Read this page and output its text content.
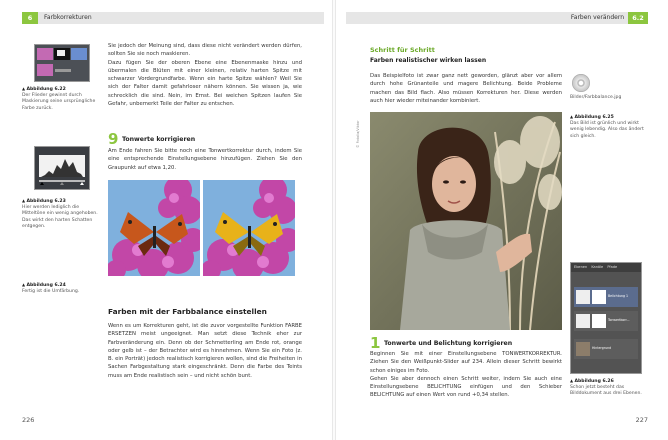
6	Farbkorrekturen
▲ Abbildung 6.22
Der Flieder gewinnt durch Maskierung seine ursprüngliche Farbe zurück.
▲ Abbildung 6.23
Hier werden lediglich die Mitteltöne ein wenig angehoben. Das wirkt den harten Schatten entgegen.
▲ Abbildung 6.24
Fertig ist die Umfärbung.
Sie jedoch der Meinung sind, dass diese nicht verändert werden dürfen, sollten Sie sie noch maskieren.
Dazu fügen Sie der oberen Ebene eine Ebenenmaske hinzu und übermalen die Blüten mit einer kleinen, relativ harten Spitze mit schwarzer Vordergrundfarbe. Wenn ein harte Spitze wählen? Weil Sie sich der Falter damit gefahrloser nähern können. Sie wissen ja, wie schrecklich die sind. Nein, im Ernst. Bei weichen Spitzen laufen Sie Gefahr, unbemerkt Teile der Falter zu entschen.
9 Tonwerte korrigieren
Am Ende fahren Sie bitte noch eine Tonwertkorrektur durch, indem Sie eine entsprechende Einstellungsebene hinzufügen. Ziehen Sie den Graupunkt auf etwa 1,20.
Farben mit der Farbbalance einstellen
Wenn es um Korrekturen geht, ist die zuvor vorgestellte Funktion FARBE ERSETZEN meist ungeeignet. Man setzt diese Technik eher zur Farbveränderung ein. Denn ob der Schmetterling am Ende rot, orange oder gelb ist – der Betrachter wird es hinnehmen. Wenn Sie ein Foto (z. B. ein Porträt) jedoch realistisch korrigieren wollen, sind die Freiheiten in Sachen Farbgestaltung stark eingeschränkt. Denn die Farbe des Teints muss am Ende realistisch sein – und nicht schön bunt.
226
Farben verändern	6.2
Schritt für Schritt
Farben realistischer wirken lassen
Das Beispielfoto ist zwar ganz nett geworden, glänzt aber vor allem durch hohe Grünanteile und magere Belichtung. Beide Probleme machen das Bild flach. Also müssen Korrekturen her. Diese werden auch hier wieder miteinander kombiniert.
Bilder/Farbbalance.jpg
▲ Abbildung 6.25
Das Bild ist grünlich und wirkt wenig lebendig. Also das ändert sich gleich.
© Fotolia/Viktor
1 Tonwerte und Belichtung korrigieren
Beginnen Sie mit einer Einstellungsebene TONWERTKORREKTUR. Ziehen Sie den Weißpunkt-Slider auf 234. Allein dieser Schritt bewirkt schon einiges im Foto.
Gehen Sie aber dennoch einen Schritt weiter, indem Sie auch eine Einstellungsebene BELICHTUNG einfügen und den Schieber BELICHTUNG auf einen Wert von rund +0,34 stellen.
Ebenen Kanäle Pfade
Belichtung 1
Tonwertkorr...
Hintergrund
▲ Abbildung 6.26
Schon jetzt besteht das Bilddokument aus drei Ebenen.
227
